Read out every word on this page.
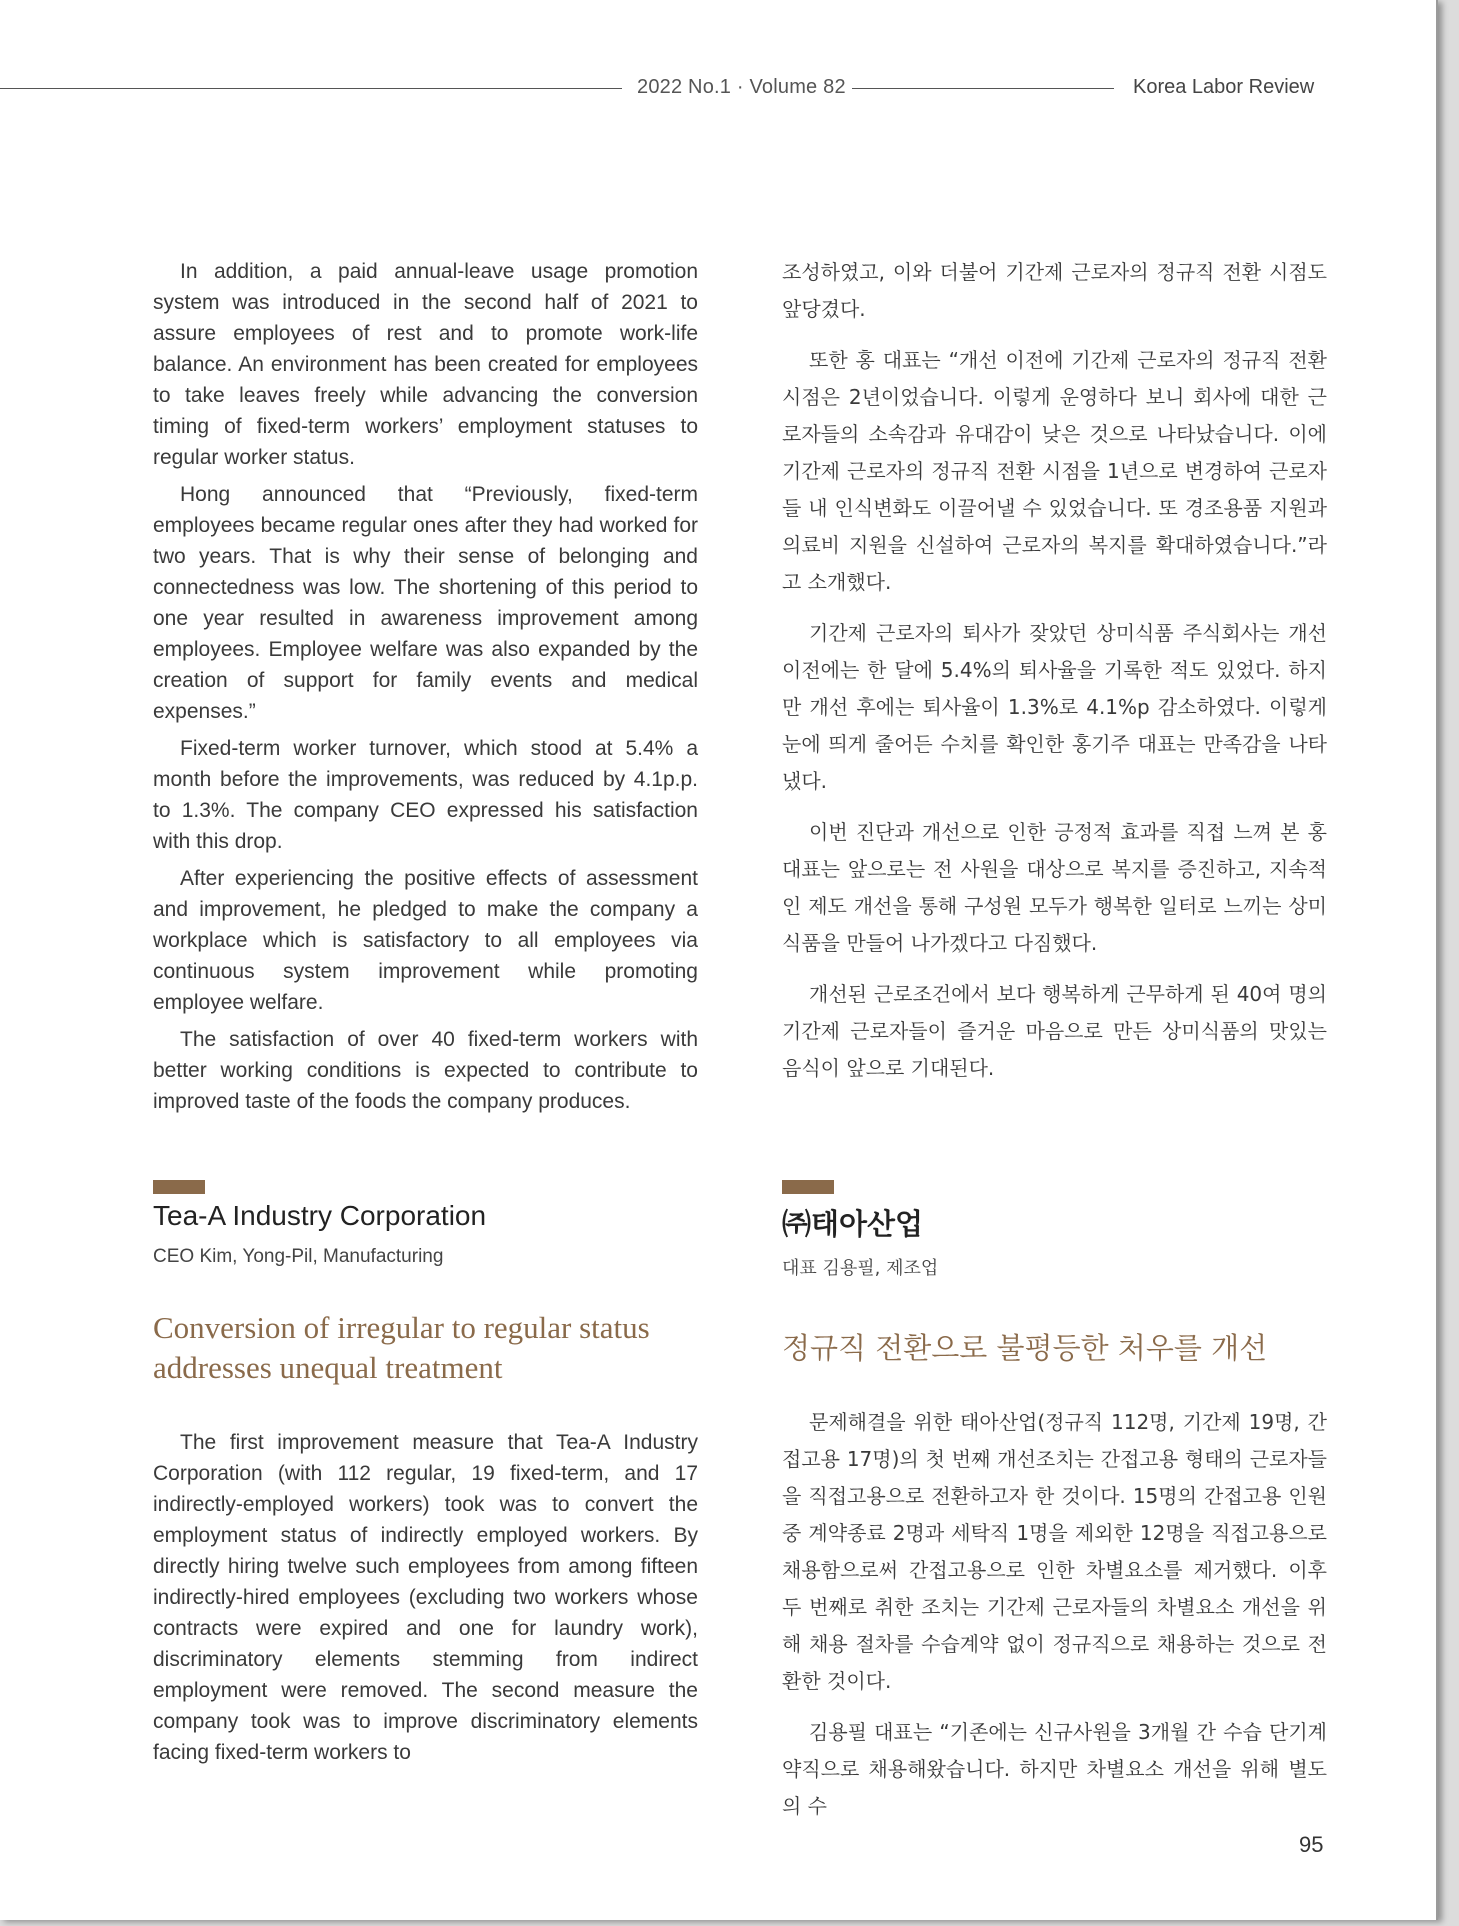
2022 No.1 · Volume 82	Korea Labor Review

In addition, a paid annual-leave usage promotion system was introduced in the second half of 2021 to assure employees of rest and to promote work-life balance. An environment has been created for employees to take leaves freely while advancing the conversion timing of fixed-term workers’ employment statuses to regular worker status.

Hong announced that “Previously, fixed-term employees became regular ones after they had worked for two years. That is why their sense of belonging and connectedness was low. The shortening of this period to one year resulted in awareness improvement among employees. Employee welfare was also expanded by the creation of support for family events and medical expenses.”

Fixed-term worker turnover, which stood at 5.4% a month before the improvements, was reduced by 4.1p.p. to 1.3%. The company CEO expressed his satisfaction with this drop.

After experiencing the positive effects of assessment and improvement, he pledged to make the company a workplace which is satisfactory to all employees via continuous system improvement while promoting employee welfare.

The satisfaction of over 40 fixed-term workers with better working conditions is expected to contribute to improved taste of the foods the company produces.

조성하였고, 이와 더불어 기간제 근로자의 정규직 전환 시점도 앞당겼다.

또한 홍 대표는 “개선 이전에 기간제 근로자의 정규직 전환 시점은 2년이었습니다. 이렇게 운영하다 보니 회사에 대한 근로자들의 소속감과 유대감이 낮은 것으로 나타났습니다. 이에 기간제 근로자의 정규직 전환 시점을 1년으로 변경하여 근로자들 내 인식변화도 이끌어낼 수 있었습니다. 또 경조용품 지원과 의료비 지원을 신설하여 근로자의 복지를 확대하였습니다.”라고 소개했다.

기간제 근로자의 퇴사가 잦았던 상미식품 주식회사는 개선 이전에는 한 달에 5.4%의 퇴사율을 기록한 적도 있었다. 하지만 개선 후에는 퇴사율이 1.3%로 4.1%p 감소하였다. 이렇게 눈에 띄게 줄어든 수치를 확인한 홍기주 대표는 만족감을 나타냈다.

이번 진단과 개선으로 인한 긍정적 효과를 직접 느껴 본 홍 대표는 앞으로는 전 사원을 대상으로 복지를 증진하고, 지속적인 제도 개선을 통해 구성원 모두가 행복한 일터로 느끼는 상미식품을 만들어 나가겠다고 다짐했다.

개선된 근로조건에서 보다 행복하게 근무하게 된 40여 명의 기간제 근로자들이 즐거운 마음으로 만든 상미식품의 맛있는 음식이 앞으로 기대된다.

Tea-A Industry Corporation
CEO Kim, Yong-Pil, Manufacturing
㈜태아산업
대표 김용필, 제조업
Conversion of irregular to regular status addresses unequal treatment
정규직 전환으로 불평등한 처우를 개선

The first improvement measure that Tea-A Industry Corporation (with 112 regular, 19 fixed-term, and 17 indirectly-employed workers) took was to convert the employment status of indirectly employed workers. By directly hiring twelve such employees from among fifteen indirectly-hired employees (excluding two workers whose contracts were expired and one for laundry work), discriminatory elements stemming from indirect employment were removed. The second measure the company took was to improve discriminatory elements facing fixed-term workers to

문제해결을 위한 태아산업(정규직 112명, 기간제 19명, 간접고용 17명)의 첫 번째 개선조치는 간접고용 형태의 근로자들을 직접고용으로 전환하고자 한 것이다. 15명의 간접고용 인원 중 계약종료 2명과 세탁직 1명을 제외한 12명을 직접고용으로 채용함으로써 간접고용으로 인한 차별요소를 제거했다. 이후 두 번째로 취한 조치는 기간제 근로자들의 차별요소 개선을 위해 채용 절차를 수습계약 없이 정규직으로 채용하는 것으로 전환한 것이다.

김용필 대표는 “기존에는 신규사원을 3개월 간 수습 단기계약직으로 채용해왔습니다. 하지만 차별요소 개선을 위해 별도의 수

95
